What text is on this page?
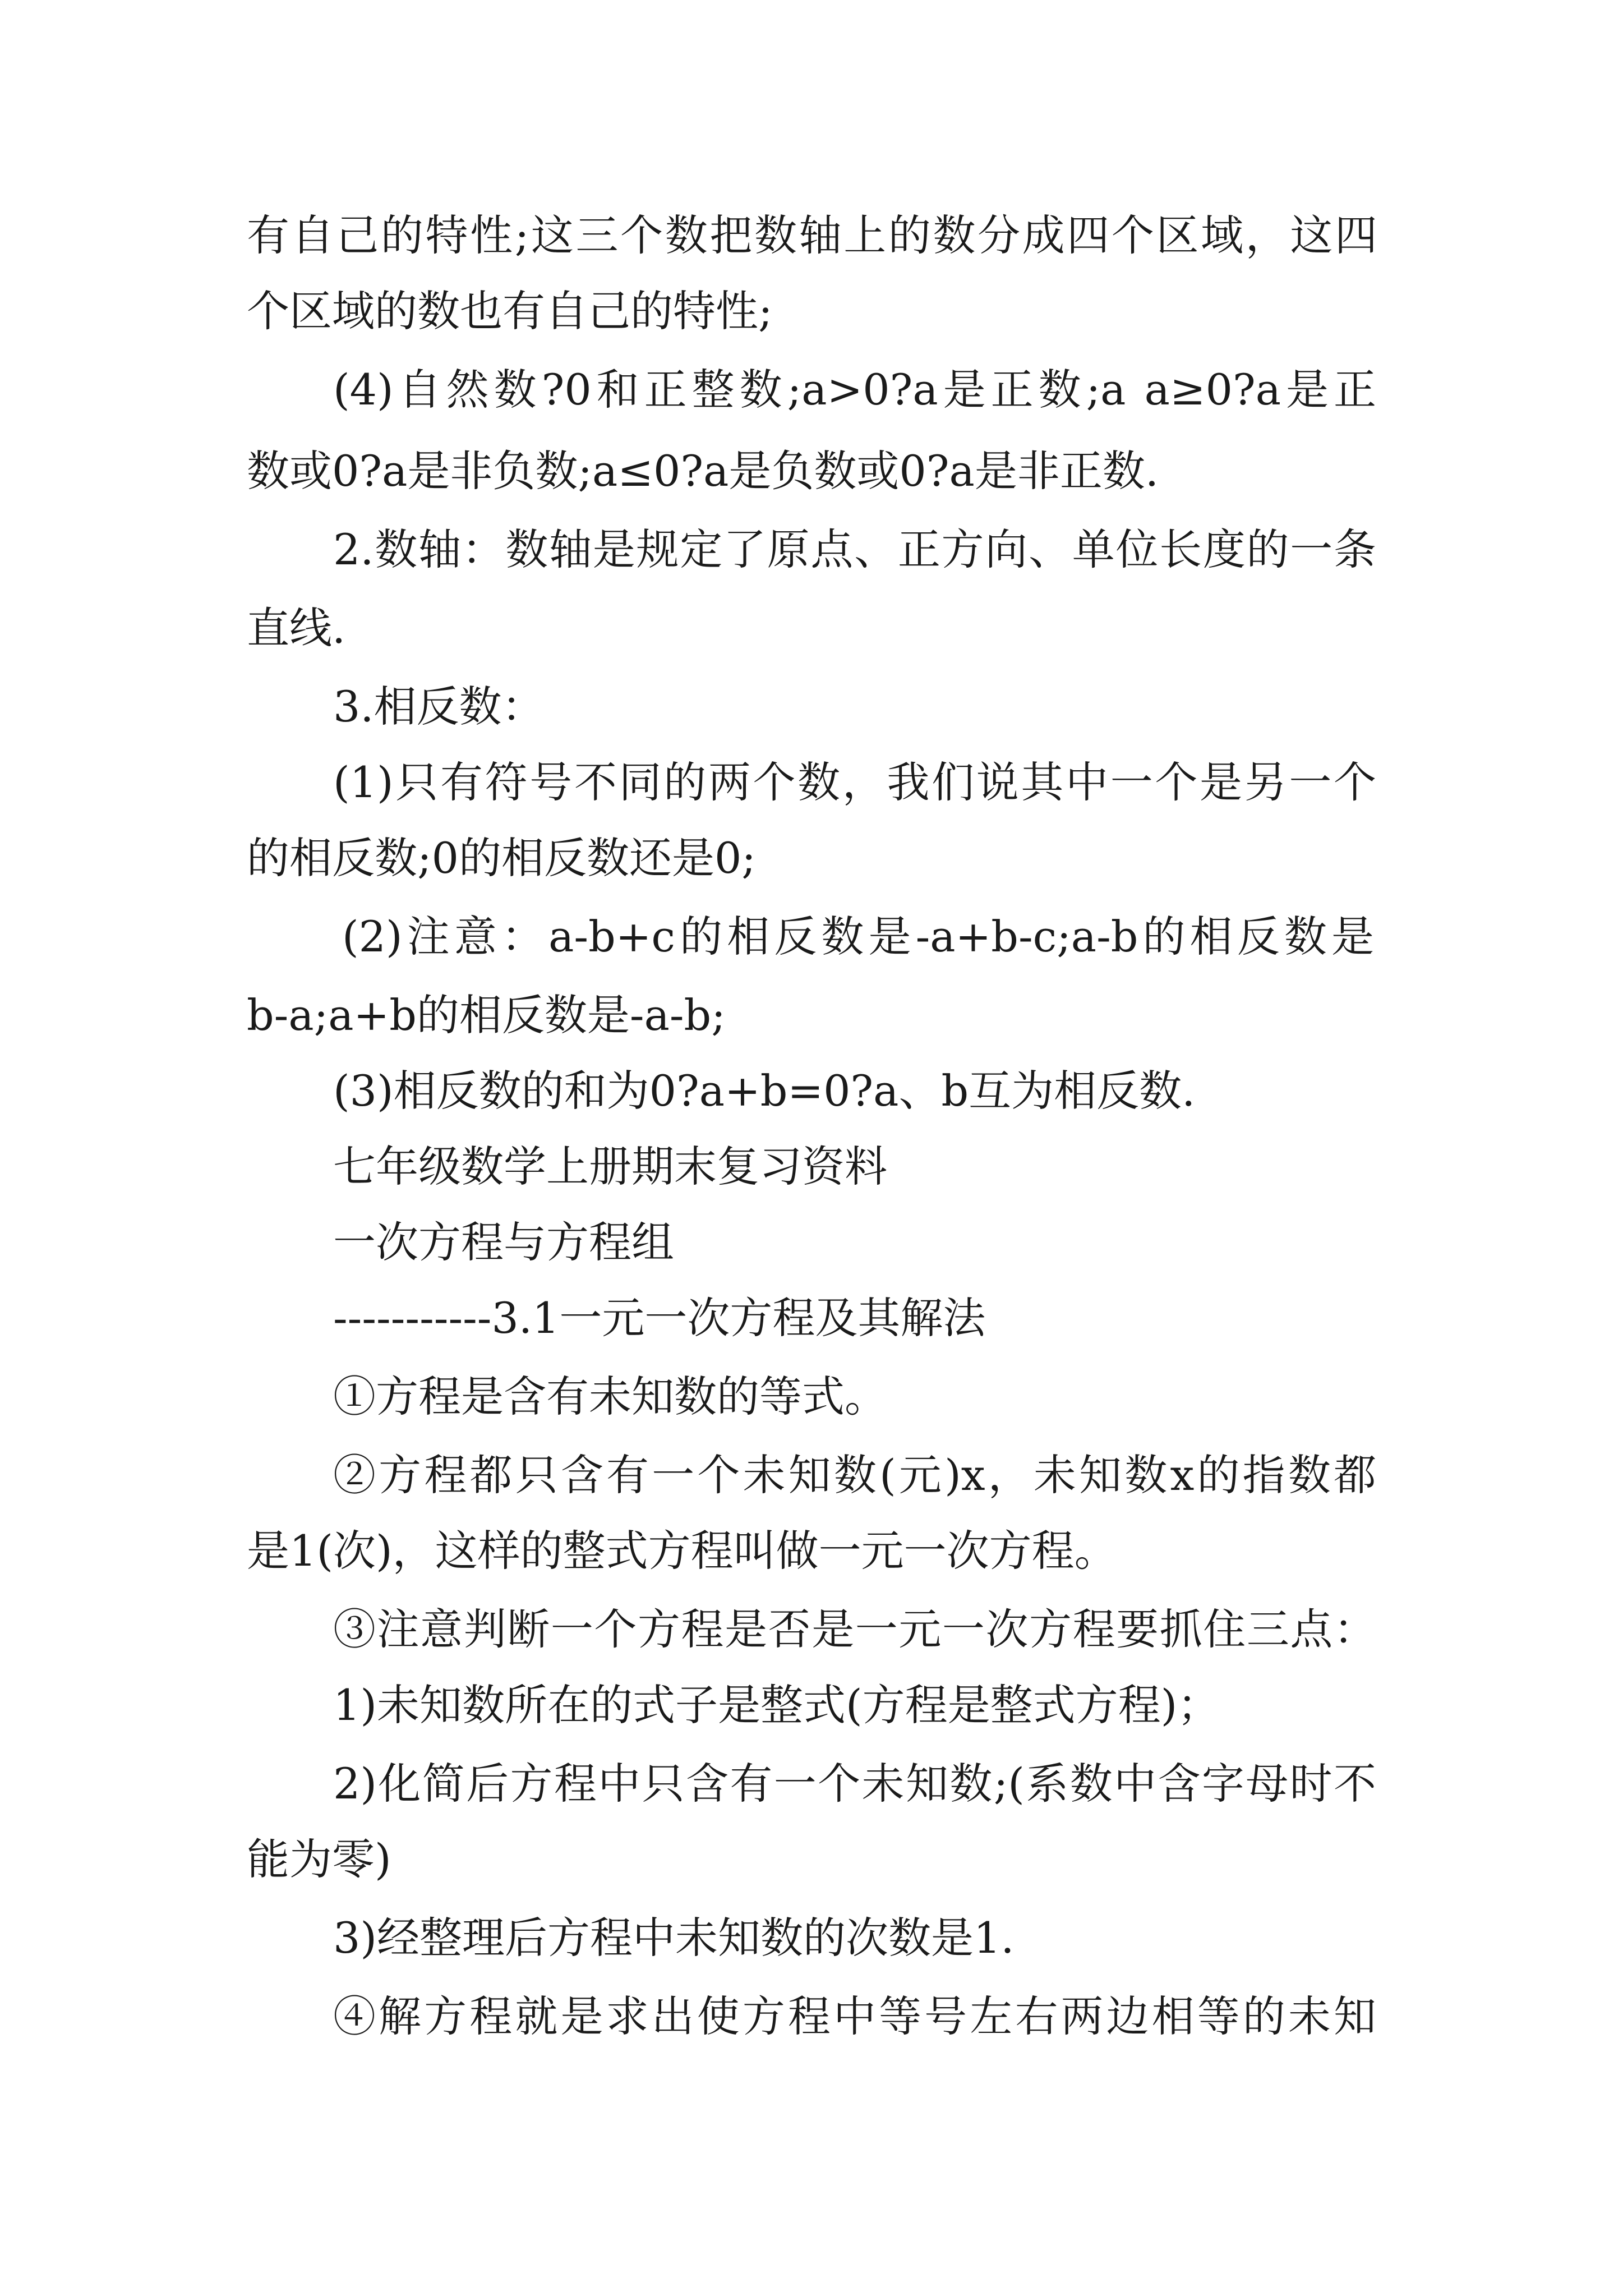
有自己的特性;这三个数把数轴上的数分成四个区域，这四
个区域的数也有自己的特性;
(4)自然数?0和正整数;a>0?a是正数;a a≥0?a是正
数或0?a是非负数;a≤0?a是负数或0?a是非正数.
2.数轴：数轴是规定了原点、正方向、单位长度的一条
直线.
3.相反数：
(1)只有符号不同的两个数，我们说其中一个是另一个
的相反数;0的相反数还是0;
(2)注意：a-b+c的相反数是-a+b-c;a-b的相反数是
b-a;a+b的相反数是-a-b;
(3)相反数的和为0?a+b=0?a、b互为相反数.
七年级数学上册期末复习资料
一次方程与方程组
-----------3.1一元一次方程及其解法
①方程是含有未知数的等式。
②方程都只含有一个未知数(元)x，未知数x的指数都
是1(次)，这样的整式方程叫做一元一次方程。
③注意判断一个方程是否是一元一次方程要抓住三点：
1)未知数所在的式子是整式(方程是整式方程)；
2)化简后方程中只含有一个未知数;(系数中含字母时不
能为零)
3)经整理后方程中未知数的次数是1.
④解方程就是求出使方程中等号左右两边相等的未知
